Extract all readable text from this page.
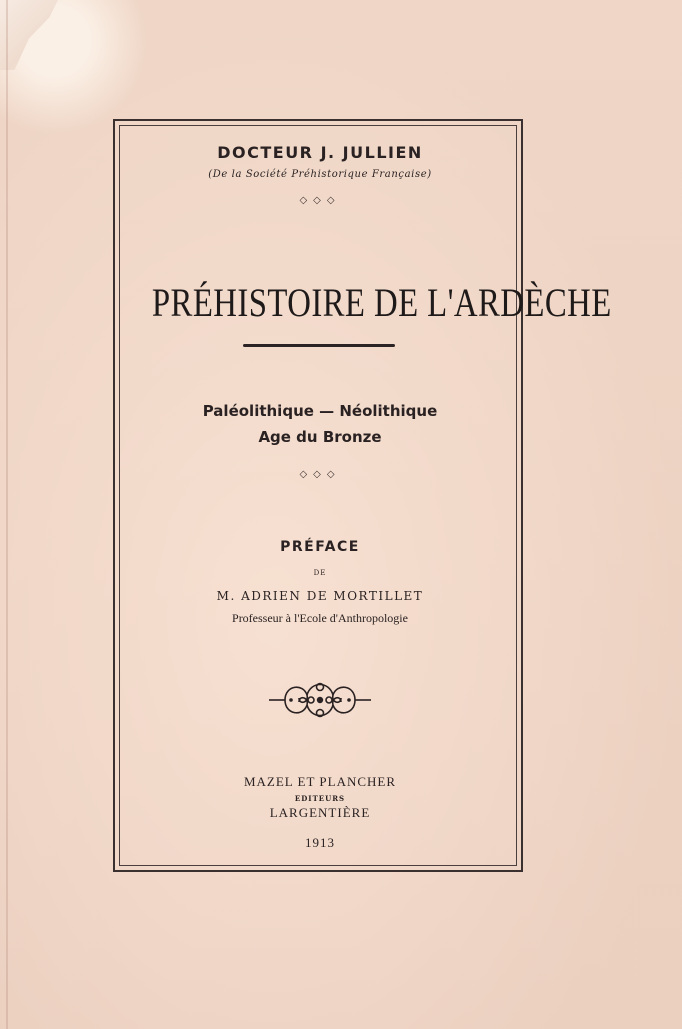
DOCTEUR J. JULLIEN
(De la Société Préhistorique Française)
◇◇◇
PRÉHISTOIRE DE L'ARDÈCHE
Paléolithique — Néolithique
Age du Bronze
◇◇◇
PRÉFACE
DE
M. ADRIEN DE MORTILLET
Professeur à l'Ecole d'Anthropologie
MAZEL ET PLANCHER
EDITEURS
LARGENTIÈRE
1913
